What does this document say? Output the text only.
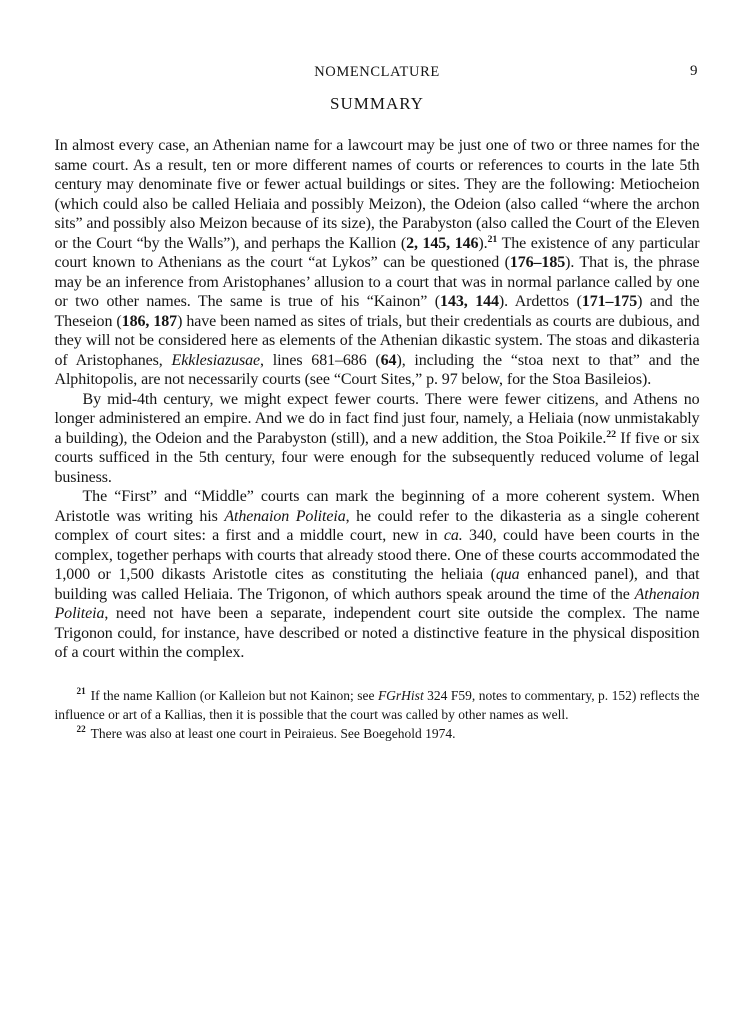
NOMENCLATURE	9
SUMMARY

In almost every case, an Athenian name for a lawcourt may be just one of two or three names for the same court. As a result, ten or more different names of courts or references to courts in the late 5th century may denominate five or fewer actual buildings or sites. They are the following: Metiocheion (which could also be called Heliaia and possibly Meizon), the Odeion (also called “where the archon sits” and possibly also Meizon because of its size), the Parabyston (also called the Court of the Eleven or the Court “by the Walls”), and perhaps the Kallion (2, 145, 146).$^{21}$ The existence of any particular court known to Athenians as the court “at Lykos” can be questioned (176–185). That is, the phrase may be an inference from Aristophanes’ allusion to a court that was in normal parlance called by one or two other names. The same is true of his “Kainon” (143, 144). Ardettos (171–175) and the Theseion (186, 187) have been named as sites of trials, but their credentials as courts are dubious, and they will not be considered here as elements of the Athenian dikastic system. The stoas and dikasteria of Aristophanes, Ekklesiazusae, lines 681–686 (64), including the “stoa next to that” and the Alphitopolis, are not necessarily courts (see “Court Sites,” p. 97 below, for the Stoa Basileios).

By mid-4th century, we might expect fewer courts. There were fewer citizens, and Athens no longer administered an empire. And we do in fact find just four, namely, a Heliaia (now unmistakably a building), the Odeion and the Parabyston (still), and a new addition, the Stoa Poikile.$^{22}$ If five or six courts sufficed in the 5th century, four were enough for the subsequently reduced volume of legal business.

The “First” and “Middle” courts can mark the beginning of a more coherent system. When Aristotle was writing his Athenaion Politeia, he could refer to the dikasteria as a single coherent complex of court sites: a first and a middle court, new in ca. 340, could have been courts in the complex, together perhaps with courts that already stood there. One of these courts accommodated the 1,000 or 1,500 dikasts Aristotle cites as constituting the heliaia (qua enhanced panel), and that building was called Heliaia. The Trigonon, of which authors speak around the time of the Athenaion Politeia, need not have been a separate, independent court site outside the complex. The name Trigonon could, for instance, have described or noted a distinctive feature in the physical disposition of a court within the complex.

$^{21}$ If the name Kallion (or Kalleion but not Kainon; see FGrHist 324 F59, notes to commentary, p. 152) reflects the influence or art of a Kallias, then it is possible that the court was called by other names as well.

$^{22}$ There was also at least one court in Peiraieus. See Boegehold 1974.
